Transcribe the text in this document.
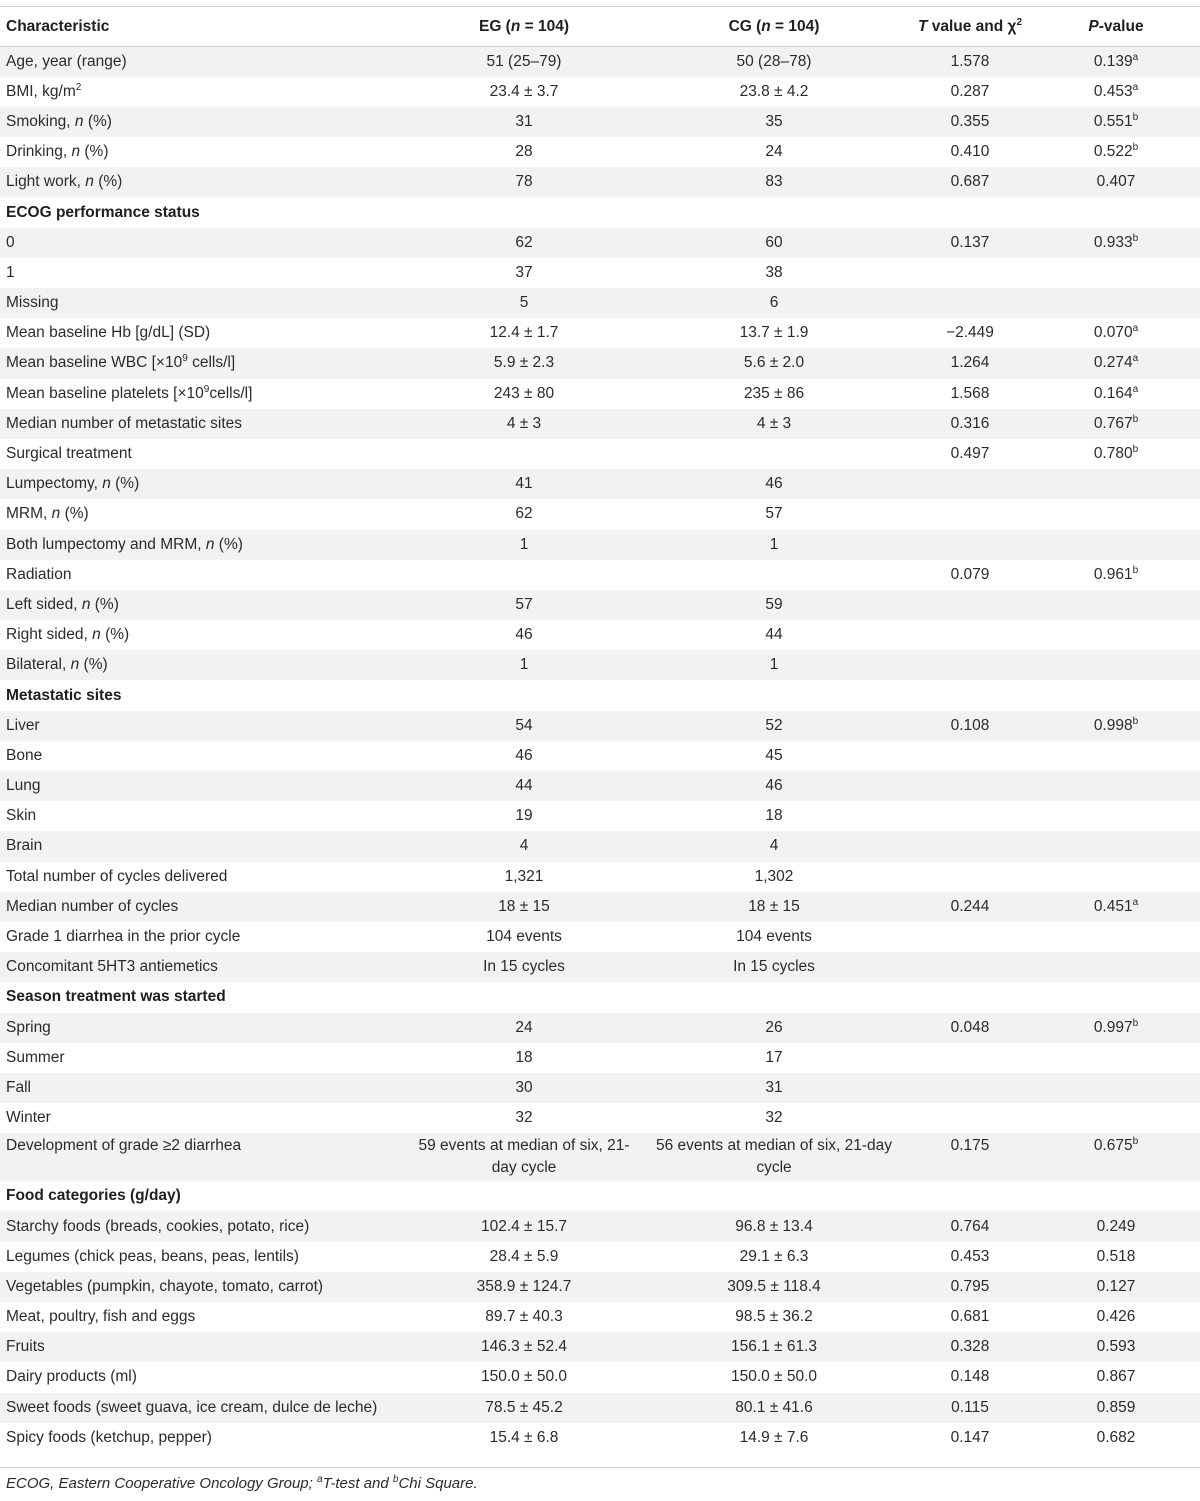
Characteristic	EG (n = 104)	CG (n = 104)	T value and $\chi^2$	P-value
Age, year (range)	51 (25–79)	50 (28–78)	1.578	0.139$^a$
BMI, $kg/m^2$	23.4 ± 3.7	23.8 ± 4.2	0.287	0.453$^a$
Smoking, n (%)	31	35	0.355	0.551$^b$
Drinking, n (%)	28	24	0.410	0.522$^b$
Light work, n (%)	78	83	0.687	0.407
ECOG performance status				
0	62	60	0.137	0.933$^b$
1	37	38		
Missing	5	6		
Mean baseline Hb [g/dL] (SD)	12.4 ± 1.7	13.7 ± 1.9	−2.449	0.070$^a$
Mean baseline WBC [$\times 10^9$ cells/l]	5.9 ± 2.3	5.6 ± 2.0	1.264	0.274$^a$
Mean baseline platelets $[\times 10^9cells/l]$	243 ± 80	235 ± 86	1.568	0.164$^a$
Median number of metastatic sites	4 ± 3	4 ± 3	0.316	0.767$^b$
Surgical treatment			0.497	0.780$^b$
Lumpectomy, n (%)	41	46		
MRM, n (%)	62	57		
Both lumpectomy and MRM, n (%)	1	1		
Radiation			0.079	0.961$^b$
Left sided, n (%)	57	59		
Right sided, n (%)	46	44		
Bilateral, n (%)	1	1		
Metastatic sites				
Liver	54	52	0.108	0.998$^b$
Bone	46	45		
Lung	44	46		
Skin	19	18		
Brain	4	4		
Total number of cycles delivered	1,321	1,302		
Median number of cycles	18 ± 15	18 ± 15	0.244	0.451$^a$
Grade 1 diarrhea in the prior cycle	104 events	104 events		
Concomitant 5HT3 antiemetics	In 15 cycles	In 15 cycles		
Season treatment was started				
Spring	24	26	0.048	0.997$^b$
Summer	18	17		
Fall	30	31		
Winter	32	32		
Development of grade ≥2 diarrhea	59 events at median of six, 21-day cycle	56 events at median of six, 21-day cycle	0.175	0.675$^b$
Food categories (g/day)				
Starchy foods (breads, cookies, potato, rice)	102.4 ± 15.7	96.8 ± 13.4	0.764	0.249
Legumes (chick peas, beans, peas, lentils)	28.4 ± 5.9	29.1 ± 6.3	0.453	0.518
Vegetables (pumpkin, chayote, tomato, carrot)	358.9 ± 124.7	309.5 ± 118.4	0.795	0.127
Meat, poultry, fish and eggs	89.7 ± 40.3	98.5 ± 36.2	0.681	0.426
Fruits	146.3 ± 52.4	156.1 ± 61.3	0.328	0.593
Dairy products (ml)	150.0 ± 50.0	150.0 ± 50.0	0.148	0.867
Sweet foods (sweet guava, ice cream, dulce de leche)	78.5 ± 45.2	80.1 ± 41.6	0.115	0.859
Spicy foods (ketchup, pepper)	15.4 ± 6.8	14.9 ± 7.6	0.147	0.682
ECOG, Eastern Cooperative Oncology Group; $^a$T-test and $^b$Chi Square.
